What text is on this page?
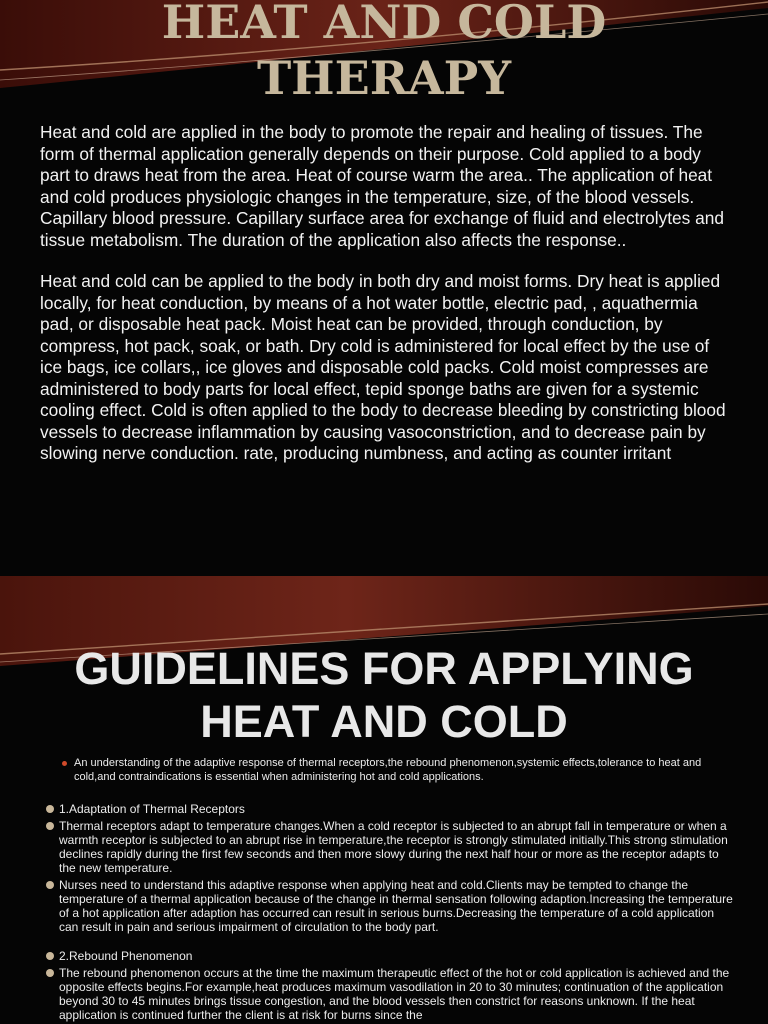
HEAT AND COLD
THERAPY

Heat and cold are applied in the body to promote the repair and healing of tissues. The form of thermal application generally depends on their purpose. Cold applied to a body part to draws heat from the area. Heat of course warm the area.. The application of heat and cold produces physiologic changes in the temperature, size, of the blood vessels. Capillary blood pressure. Capillary surface area for exchange of fluid and electrolytes and tissue metabolism. The duration of the application also affects the response..

Heat and cold can be applied to the body in both dry and moist forms. Dry heat is applied locally, for heat conduction, by means of a hot water bottle, electric pad, , aquathermia pad, or disposable heat pack. Moist heat can be provided, through conduction, by compress, hot pack, soak, or bath. Dry cold is administered for local effect by the use of ice bags, ice collars,, ice gloves and disposable cold packs. Cold moist compresses are administered to body parts for local effect, tepid sponge baths are given for a systemic cooling effect. Cold is often applied to the body to decrease bleeding by constricting blood vessels to decrease inflammation by causing vasoconstriction, and to decrease pain by slowing nerve conduction. rate, producing numbness, and acting as counter irritant

GUIDELINES FOR APPLYING
HEAT AND COLD
An understanding of the adaptive response of thermal receptors,the rebound phenomenon,systemic effects,tolerance to heat and cold,and contraindications is essential when administering hot and cold applications.
1.Adaptation of Thermal Receptors
Thermal receptors adapt to temperature changes.When a cold receptor is subjected to an abrupt fall in temperature or when a warmth receptor is subjected to an abrupt rise in temperature,the receptor is strongly stimulated initially.This strong stimulation declines rapidly during the first few seconds and then more slowy during the next half hour or more as the receptor adapts to the new temperature.
Nurses need to understand this adaptive response when applying heat and cold.Clients may be tempted to change the temperature of a thermal application because of the change in thermal sensation following adaption.Increasing the temperature of a hot application after adaption has occurred can result in serious burns.Decreasing the temperature of a cold application can result in pain and serious impairment of circulation to the body part.
2.Rebound Phenomenon
The rebound phenomenon occurs at the time the maximum therapeutic effect of the hot or cold application is achieved and the opposite effects begins.For example,heat produces maximum vasodilation in 20 to 30 minutes; continuation of the application beyond 30 to 45 minutes brings tissue congestion, and the blood vessels then constrict for reasons unknown. If the heat application is continued further the client is at risk for burns since the
